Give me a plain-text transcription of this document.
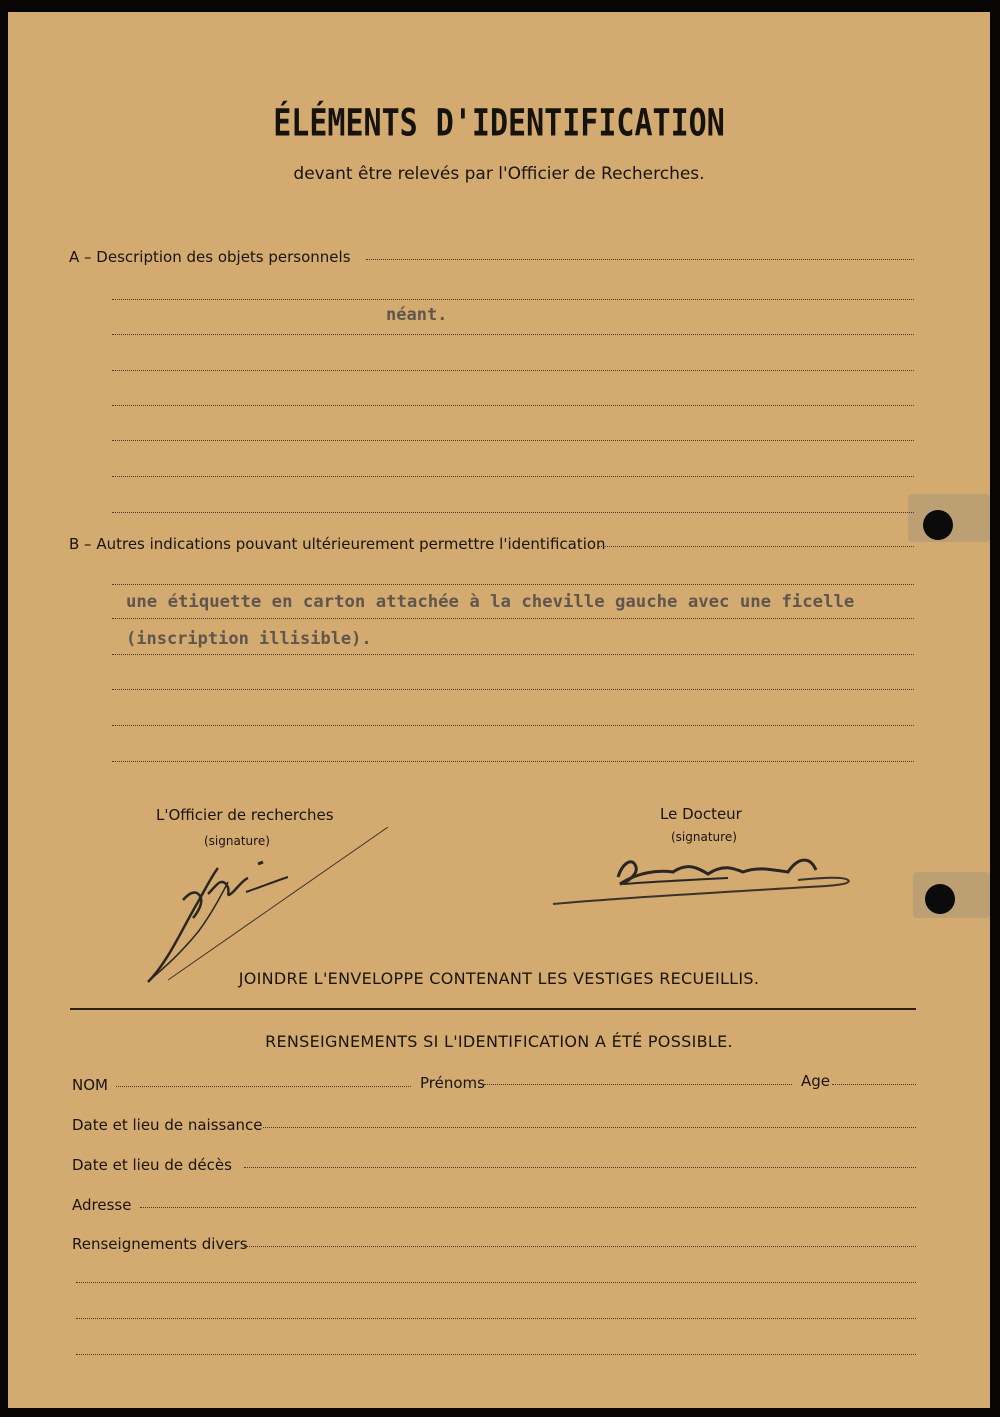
ÉLÉMENTS D'IDENTIFICATION
devant être relevés par l'Officier de Recherches.
A – Description des objets personnels
néant.
B – Autres indications pouvant ultérieurement permettre l'identification
une étiquette en carton attachée à la cheville gauche avec une ficelle
(inscription illisible).
L'Officier de recherches
(signature)
Le Docteur
(signature)
JOINDRE L'ENVELOPPE CONTENANT LES VESTIGES RECUEILLIS.
RENSEIGNEMENTS SI L'IDENTIFICATION A ÉTÉ POSSIBLE.
NOM	Prénoms	Age
Date et lieu de naissance
Date et lieu de décès
Adresse
Renseignements divers
